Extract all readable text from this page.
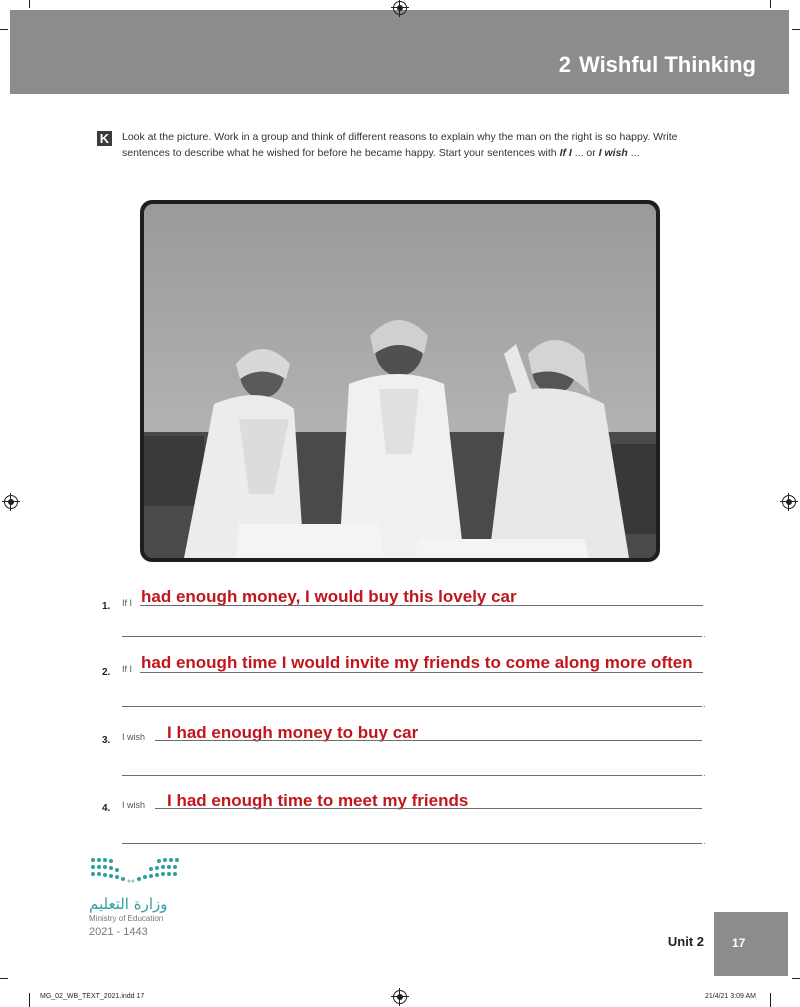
2 Wishful Thinking
K Look at the picture. Work in a group and think of different reasons to explain why the man on the right is so happy. Write sentences to describe what he wished for before he became happy. Start your sentences with If I ... or I wish ...
1. If I had enough money, I would buy this lovely car
.
2. If I had enough time I would invite my friends to come along more often
.
3. I wish I had enough money to buy car
.
4. I wish I had enough time to meet my friends
.
وزارة التعليم
Ministry of Education
2021 - 1443
Unit 2 17
MG_02_WB_TEXT_2021.indd 17	21/4/21 3:09 AM
